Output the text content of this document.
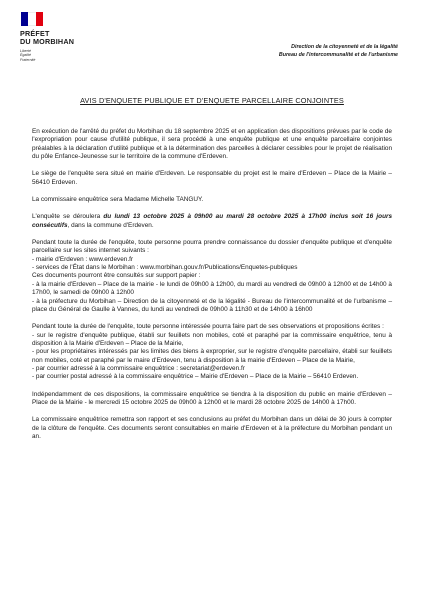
PRÉFET
DU MORBIHAN
Liberté
Égalité
Fraternité
Direction de la citoyenneté et de la légalité
Bureau de l'intercommunalité et de l'urbanisme
AVIS D'ENQUETE PUBLIQUE ET D'ENQUETE PARCELLAIRE CONJOINTES

En exécution de l'arrêté du préfet du Morbihan du 18 septembre 2025 et en application des dispositions prévues par le code de l'expropriation pour cause d'utilité publique, il sera procédé à une enquête publique et une enquête parcellaire conjointes préalables à la déclaration d'utilité publique et à la détermination des parcelles à déclarer cessibles pour le projet de réalisation du pôle Enfance-Jeunesse sur le territoire de la commune d'Erdeven.

Le siège de l'enquête sera situé en mairie d'Erdeven. Le responsable du projet est le maire d'Erdeven – Place de la Mairie – 56410 Erdeven.

La commissaire enquêtrice sera Madame Michelle TANGUY.

L'enquête se déroulera du lundi 13 octobre 2025 à 09h00 au mardi 28 octobre 2025 à 17h00 inclus soit 16 jours consécutifs, dans la commune d'Erdeven.

Pendant toute la durée de l'enquête, toute personne pourra prendre connaissance du dossier d'enquête publique et d'enquête parcellaire sur les sites internet suivants :
- mairie d'Erdeven : www.erdeven.fr
- services de l'État dans le Morbihan : www.morbihan.gouv.fr/Publications/Enquetes-publiques
Ces documents pourront être consultés sur support papier :
- à la mairie d'Erdeven – Place de la mairie - le lundi de 09h00 à 12h00, du mardi au vendredi de 09h00 à 12h00 et de 14h00 à 17h00, le samedi de 09h00 à 12h00
- à la préfecture du Morbihan – Direction de la citoyenneté et de la légalité - Bureau de l'intercommunalité et de l'urbanisme – place du Général de Gaulle à Vannes, du lundi au vendredi de 09h00 à 11h30 et de 14h00 à 16h00

Pendant toute la durée de l'enquête, toute personne intéressée pourra faire part de ses observations et propositions écrites :
- sur le registre d'enquête publique, établi sur feuillets non mobiles, coté et paraphé par la commissaire enquêtrice, tenu à disposition à la Mairie d'Erdeven – Place de la Mairie,
- pour les propriétaires intéressés par les limites des biens à exproprier, sur le registre d'enquête parcellaire, établi sur feuillets non mobiles, coté et paraphé par le maire d'Erdeven, tenu à disposition à la mairie d'Erdeven – Place de la Mairie,
- par courrier adressé à la commissaire enquêtrice : secretariat@erdeven.fr
- par courrier postal adressé à la commissaire enquêtrice – Mairie d'Erdeven – Place de la Mairie – 56410 Erdeven.

Indépendamment de ces dispositions, la commissaire enquêtrice se tiendra à la disposition du public en mairie d'Erdeven – Place de la Mairie - le mercredi 15 octobre 2025 de 09h00 à 12h00 et le mardi 28 octobre 2025 de 14h00 à 17h00.

La commissaire enquêtrice remettra son rapport et ses conclusions au préfet du Morbihan dans un délai de 30 jours à compter de la clôture de l'enquête. Ces documents seront consultables en mairie d'Erdeven et à la préfecture du Morbihan pendant un an.
